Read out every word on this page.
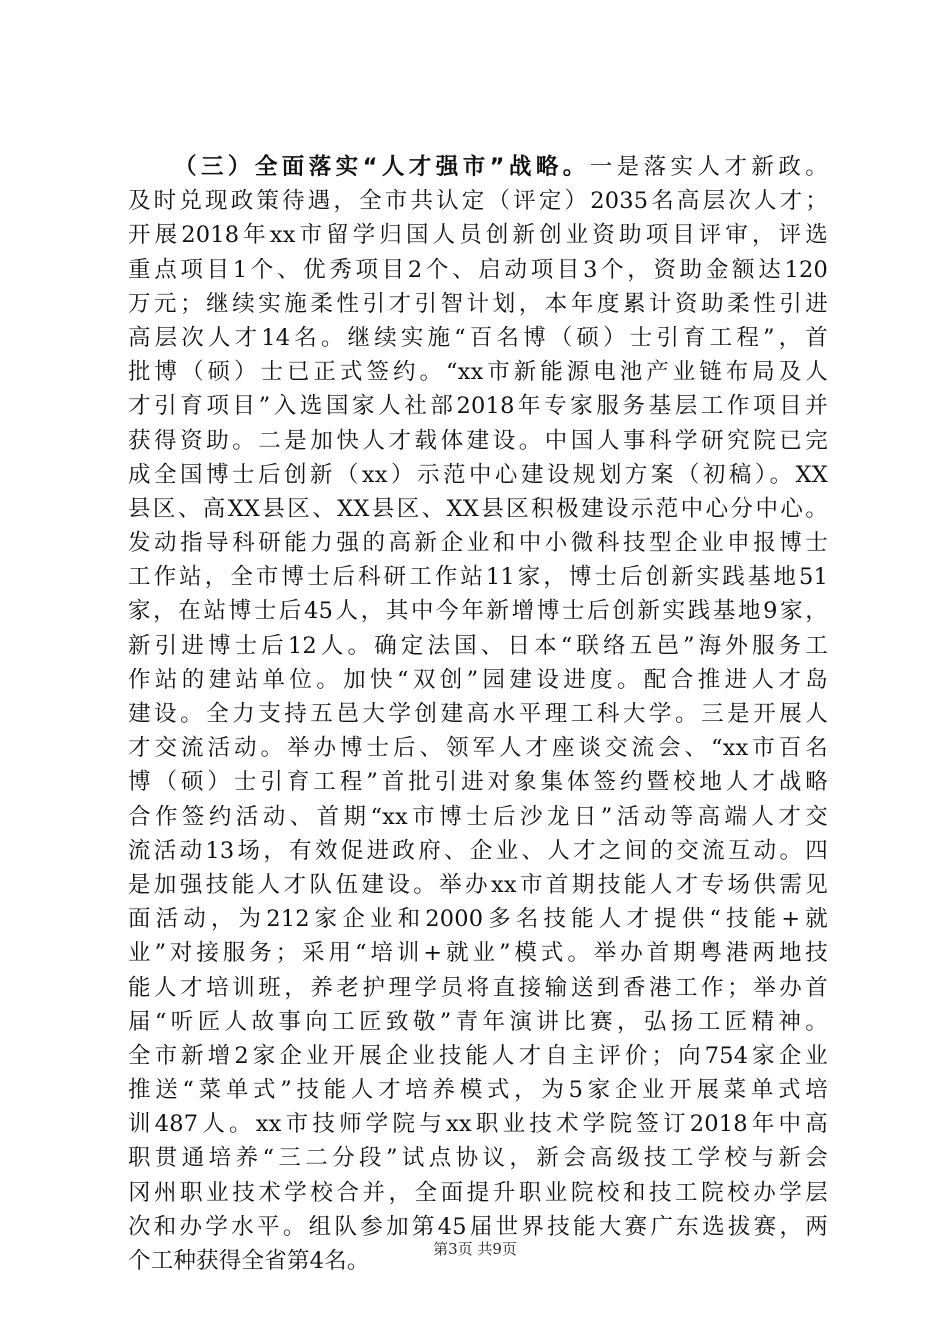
（三）全面落实“人才强市”战略。一是落实人才新政。
及时兑现政策待遇，全市共认定（评定）2035名高层次人才；
开展2018年xx市留学归国人员创新创业资助项目评审，评选
重点项目1个、优秀项目2个、启动项目3个，资助金额达120
万元；继续实施柔性引才引智计划，本年度累计资助柔性引进
高层次人才14名。继续实施“百名博（硕）士引育工程”，首
批博（硕）士已正式签约。“xx市新能源电池产业链布局及人
才引育项目”入选国家人社部2018年专家服务基层工作项目并
获得资助。二是加快人才载体建设。中国人事科学研究院已完
成全国博士后创新（xx）示范中心建设规划方案（初稿）。XX
县区、高XX县区、XX县区、XX县区积极建设示范中心分中心。
发动指导科研能力强的高新企业和中小微科技型企业申报博士
工作站，全市博士后科研工作站11家，博士后创新实践基地51
家，在站博士后45人，其中今年新增博士后创新实践基地9家，
新引进博士后12人。确定法国、日本“联络五邑”海外服务工
作站的建站单位。加快“双创”园建设进度。配合推进人才岛
建设。全力支持五邑大学创建高水平理工科大学。三是开展人
才交流活动。举办博士后、领军人才座谈交流会、“xx市百名
博（硕）士引育工程”首批引进对象集体签约暨校地人才战略
合作签约活动、首期“xx市博士后沙龙日”活动等高端人才交
流活动13场，有效促进政府、企业、人才之间的交流互动。四
是加强技能人才队伍建设。举办xx市首期技能人才专场供需见
面活动，为212家企业和2000多名技能人才提供“技能+就
业”对接服务；采用“培训+就业”模式。举办首期粤港两地技
能人才培训班，养老护理学员将直接输送到香港工作；举办首
届“听匠人故事向工匠致敬”青年演讲比赛，弘扬工匠精神。
全市新增2家企业开展企业技能人才自主评价；向754家企业
推送“菜单式”技能人才培养模式，为5家企业开展菜单式培
训487人。xx市技师学院与xx职业技术学院签订2018年中高
职贯通培养“三二分段”试点协议，新会高级技工学校与新会
冈州职业技术学校合并，全面提升职业院校和技工院校办学层
次和办学水平。组队参加第45届世界技能大赛广东选拔赛，两
个工种获得全省第4名。	第3页 共9页
